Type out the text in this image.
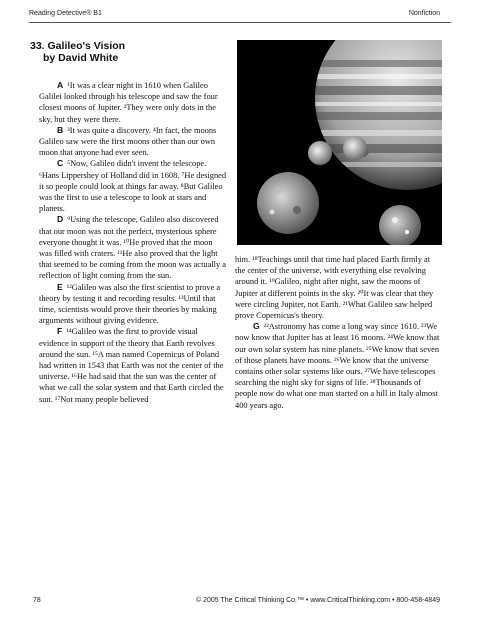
Reading Detective® B1	Nonfiction
33. Galileo's Vision
by David White

A ¹It was a clear night in 1610 when Galileo Galilei looked through his telescope and saw the four closest moons of Jupiter. ²They were only dots in the sky, but they were there.

B ³It was quite a discovery. ⁴In fact, the moons Galileo saw were the first moons other than our own moon that anyone had ever seen.

C ⁵Now, Galileo didn't invent the telescope. ⁶Hans Lippershey of Holland did in 1608. ⁷He designed it so people could look at things far away. ⁸But Galileo was the first to use a telescope to look at stars and planets.

D ⁹Using the telescope, Galileo also discovered that our moon was not the perfect, mysterious sphere everyone thought it was. ¹⁰He proved that the moon was filled with craters. ¹¹He also proved that the light that seemed to be coming from the moon was actually a reflection of light coming from the sun.

E ¹²Galileo was also the first scientist to prove a theory by testing it and recording results. ¹³Until that time, scientists would prove their theories by making arguments without giving evidence.

F ¹⁴Galileo was the first to provide visual evidence in support of the theory that Earth revolves around the sun. ¹⁵A man named Copernicus of Poland had written in 1543 that Earth was not the center of the universe. ¹⁶He had said that the sun was the center of what we call the solar system and that Earth circled the sun. ¹⁷Not many people believed

him. ¹⁸Teachings until that time had placed Earth firmly at the center of the universe, with everything else revolving around it. ¹⁹Galileo, night after night, saw the moons of Jupiter at different points in the sky. ²⁰It was clear that they were circling Jupiter, not Earth. ²¹What Galileo saw helped prove Copernicus's theory.

G ²²Astronomy has come a long way since 1610. ²³We now know that Jupiter has at least 16 moons. ²⁴We know that our own solar system has nine planets. ²⁵We know that seven of those planets have moons. ²⁶We know that the universe contains other solar systems like ours. ²⁷We have telescopes searching the night sky for signs of life. ²⁸Thousands of people now do what one man started on a hill in Italy almost 400 years ago.

78	© 2005 The Critical Thinking Co.™ • www.CriticalThinking.com • 800-458-4849
